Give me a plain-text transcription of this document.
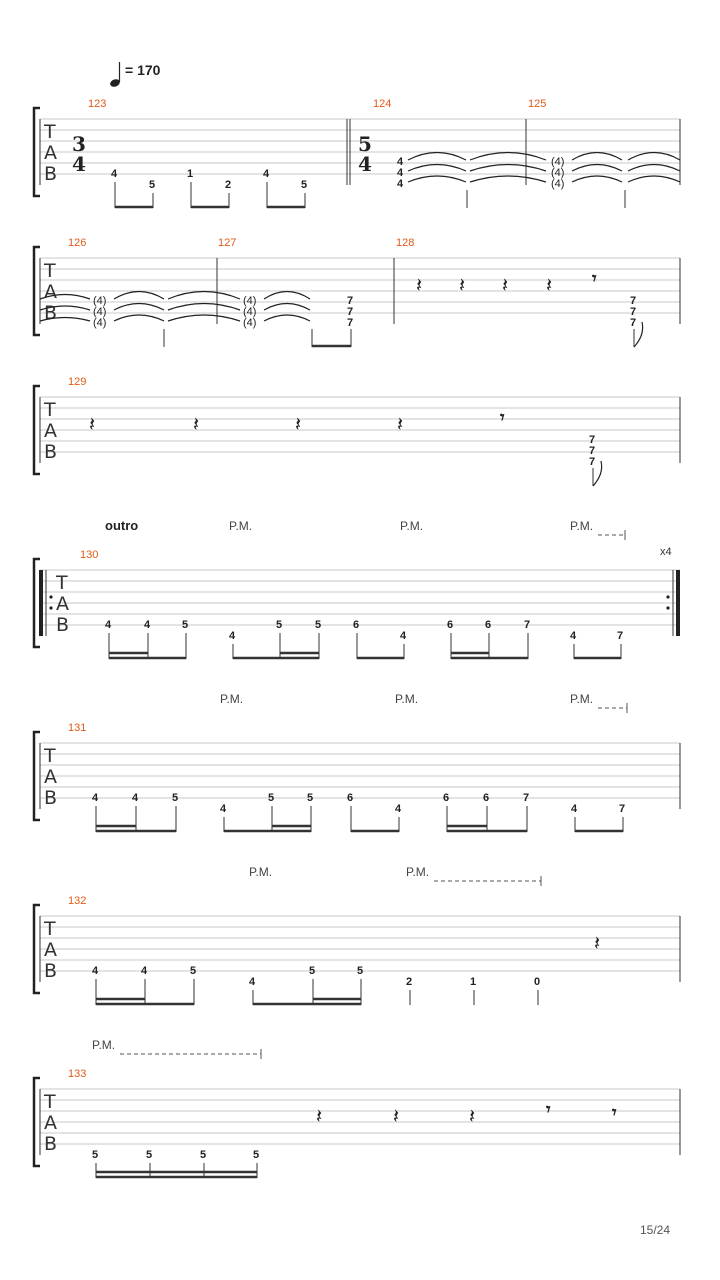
= 170
T
A
B
3
4
5
4
123	124	125
4
5
1
2
4
5
4
4
4
(4)
(4)
(4)
T
A
B
126	127	128
(4)
(4)
(4)
(4)
(4)
(4)
7
7
7
𝄽 𝄽 𝄽 𝄽 𝄾
7
7
7
T
A
B
129
𝄽	𝄽	𝄽	𝄽	𝄾
7
7
7
outro	P.M.	P.M.	P.M.
x4
130
T
A
B	4	4	5
4
5	5	6
4
6	6	7
4	7
P.M.	P.M.	P.M.
131
T
A
B	4	4	5
4
5	5	6
4
6	6	7
4	7
P.M.	P.M.
132
T
A
B	4	4	5
4
5	5
2	1	0
𝄽
P.M.
133
T
A
B	5	5	5	5
𝄽	𝄽	𝄽	𝄾	𝄾
15/24
